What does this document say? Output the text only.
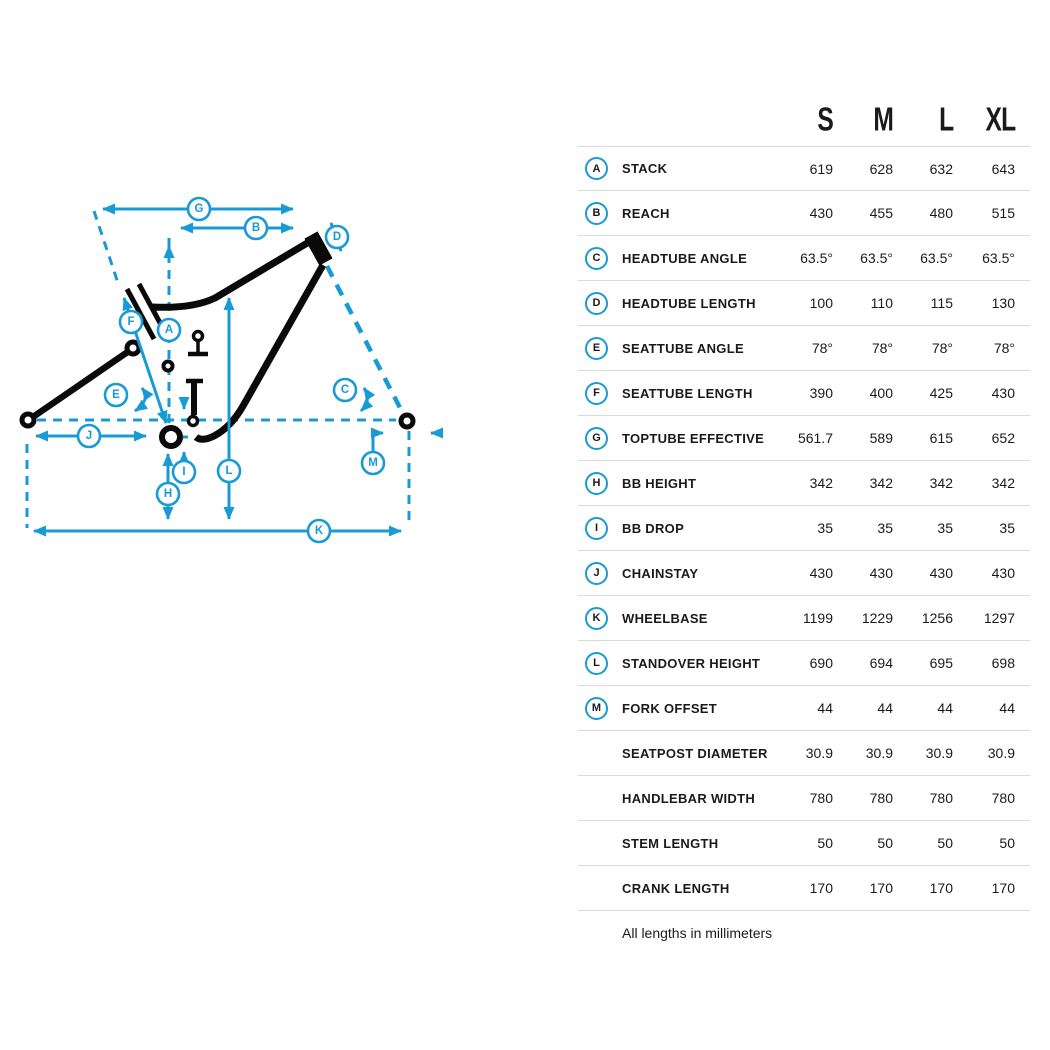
G
B
D
A
F
E	C
J
I
H
L
M
K
S	M	L	XL
A	STACK	619	628	632	643
B	REACH	430	455	480	515
C	HEADTUBE ANGLE	63.5°	63.5°	63.5°	63.5°
D	HEADTUBE LENGTH	100	110	115	130
E	SEATTUBE ANGLE	78°	78°	78°	78°
F	SEATTUBE LENGTH	390	400	425	430
G	TOPTUBE EFFECTIVE	561.7	589	615	652
H	BB HEIGHT	342	342	342	342
I	BB DROP	35	35	35	35
J	CHAINSTAY	430	430	430	430
K	WHEELBASE	1199	1229	1256	1297
L	STANDOVER HEIGHT	690	694	695	698
M	FORK OFFSET	44	44	44	44
SEATPOST DIAMETER	30.9	30.9	30.9	30.9
HANDLEBAR WIDTH	780	780	780	780
STEM LENGTH	50	50	50	50
CRANK LENGTH	170	170	170	170
All lengths in millimeters
